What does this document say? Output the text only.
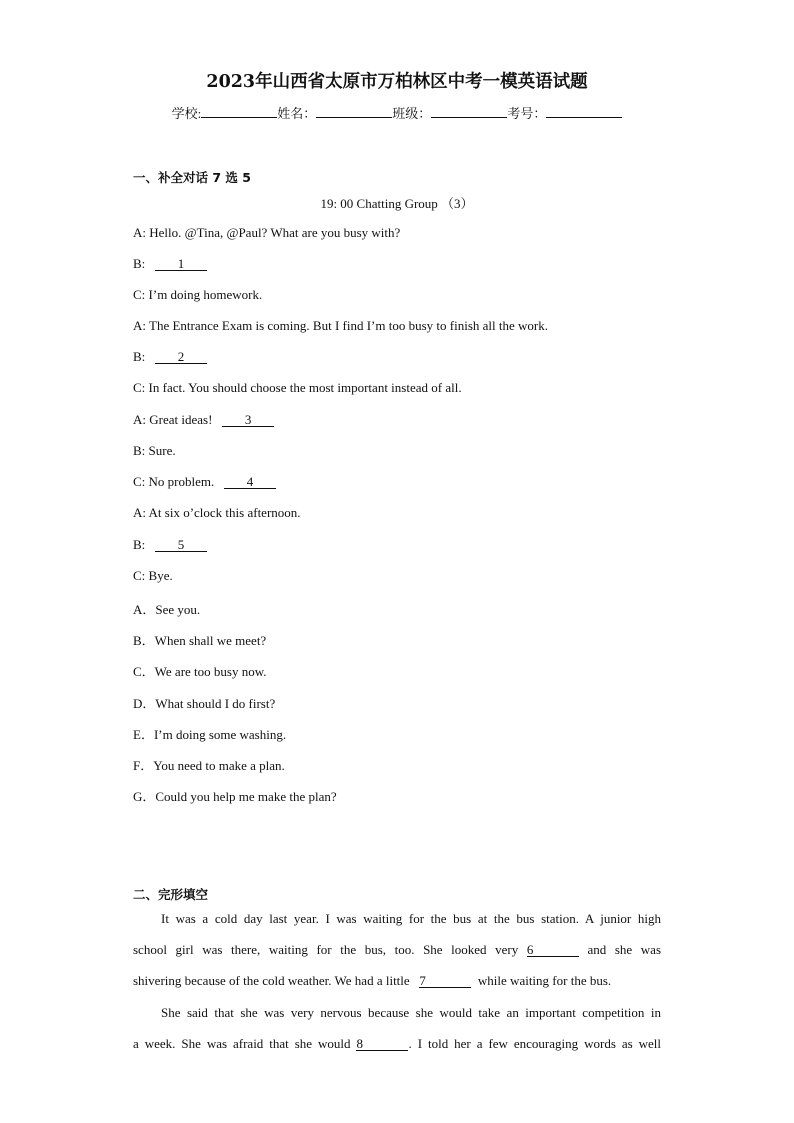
2023年山西省太原市万柏林区中考一模英语试题
学校:	姓名：	班级：	考号：
一、补全对话 7 选 5
19: 00 Chatting Group （3）
A: Hello. @Tina, @Paul? What are you busy with?
B:	1
C: I’m doing homework.
A: The Entrance Exam is coming. But I find I’m too busy to finish all the work.
B:	2
C: In fact. You should choose the most important instead of all.
A: Great ideas!	3
B: Sure.
C: No problem.	4
A: At six o’clock this afternoon.
B:	5
C: Bye.
A．See you.
B．When shall we meet?
C．We are too busy now.
D．What should I do first?
E．I’m doing some washing.
F．You need to make a plan.
G．Could you help me make the plan?
二、完形填空
It was a cold day last year. I was waiting for the bus at the bus station. A junior high
school girl was there, waiting for the bus, too. She looked very 6	and she was
shivering because of the cold weather. We had a little 7	while waiting for the bus.
She said that she was very nervous because she would take an important competition in
a week. She was afraid that she would 8	. I told her a few encouraging words as well
